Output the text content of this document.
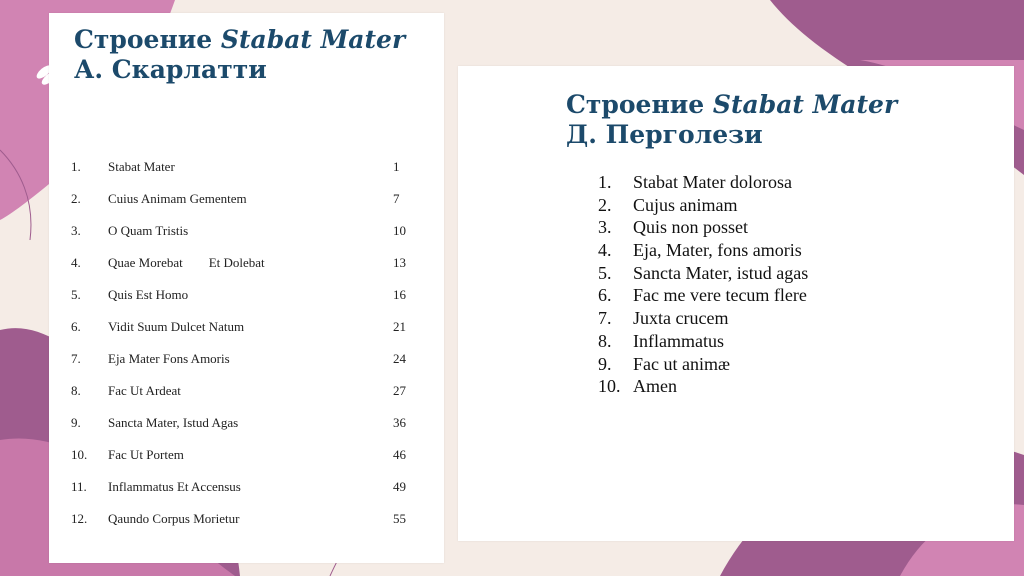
Строение Stabat Mater
А. Скарлатти
1. Stabat Mater	1
2. Cuius Animam Gementem	7
3. O Quam Tristis	10
4. Quae Morebat        Et Dolebat	13
5. Quis Est Homo	16
6. Vidit Suum Dulcet Natum	21
7. Eja Mater Fons Amoris	24
8. Fac Ut Ardeat	27
9. Sancta Mater, Istud Agas	36
10. Fac Ut Portem	46
11. Inflammatus Et Accensus	49
12. Qaundo Corpus Morietur	55
Строение Stabat Mater
Д. Перголези
1. Stabat Mater dolorosa
2. Cujus animam
3. Quis non posset
4. Eja, Mater, fons amoris
5. Sancta Mater, istud agas
6. Fac me vere tecum flere
7. Juxta crucem
8. Inflammatus
9. Fac ut animæ
10. Amen
